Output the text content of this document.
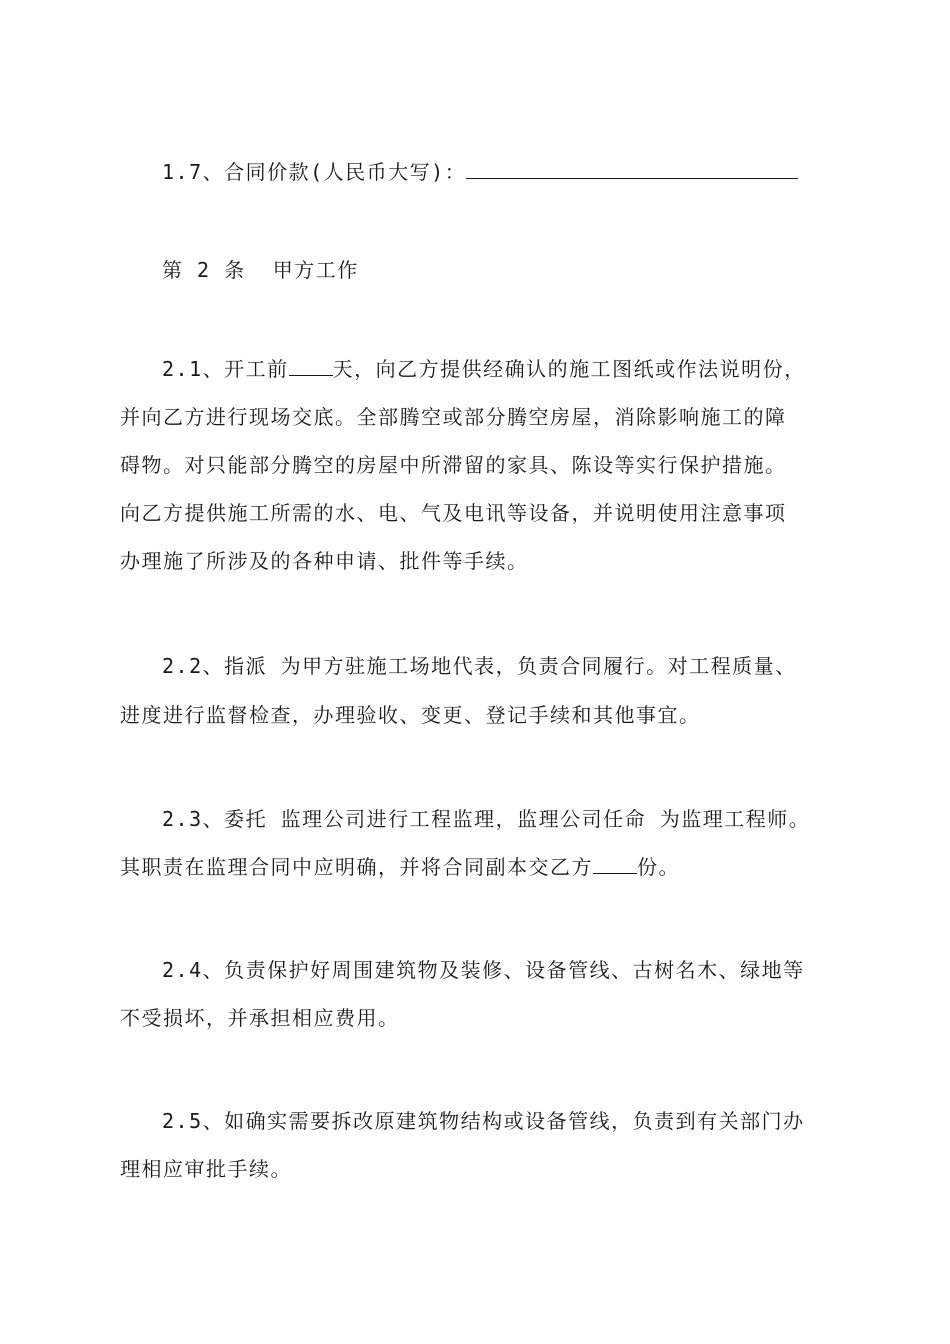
1.7、合同价款(人民币大写)：
第 2 条  甲方工作
2.1、开工前 天，向乙方提供经确认的施工图纸或作法说明份，
并向乙方进行现场交底。全部腾空或部分腾空房屋，消除影响施工的障
碍物。对只能部分腾空的房屋中所滞留的家具、陈设等实行保护措施。
向乙方提供施工所需的水、电、气及电讯等设备，并说明使用注意事项
办理施了所涉及的各种申请、批件等手续。
2.2、指派 为甲方驻施工场地代表，负责合同履行。对工程质量、
进度进行监督检查，办理验收、变更、登记手续和其他事宜。
2.3、委托 监理公司进行工程监理，监理公司任命 为监理工程师。
其职责在监理合同中应明确，并将合同副本交乙方 份。
2.4、负责保护好周围建筑物及装修、设备管线、古树名木、绿地等
不受损坏，并承担相应费用。
2.5、如确实需要拆改原建筑物结构或设备管线，负责到有关部门办
理相应审批手续。
